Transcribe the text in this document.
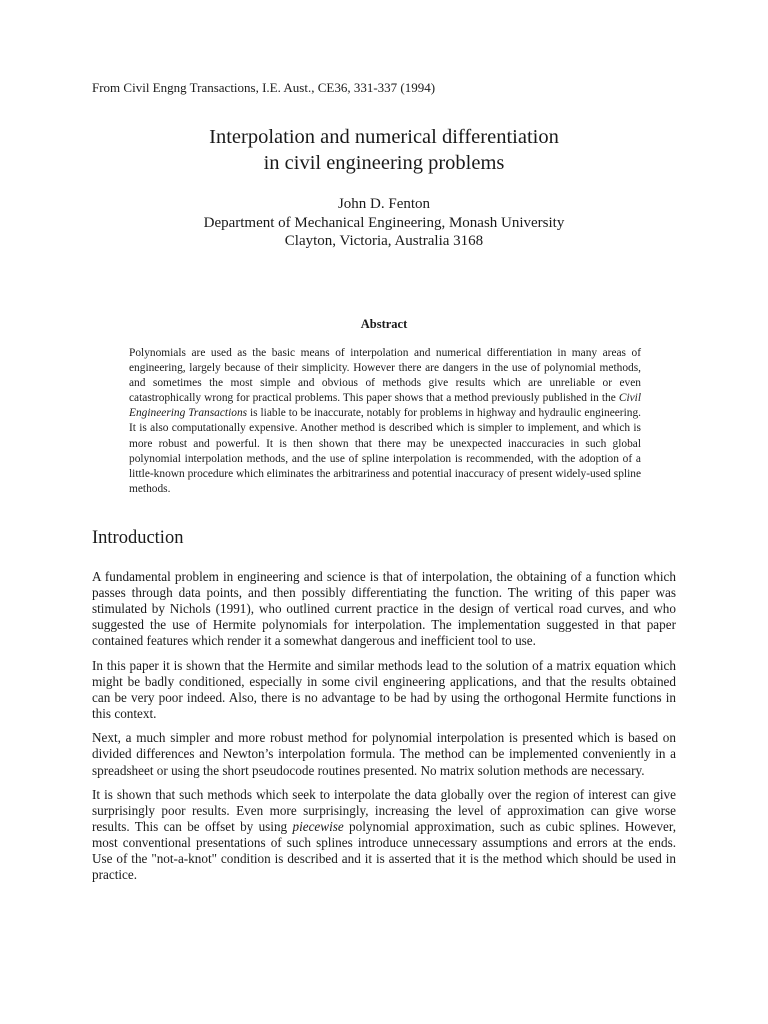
From Civil Engng Transactions, I.E. Aust., CE36, 331-337 (1994)
Interpolation and numerical differentiation
in civil engineering problems
John D. Fenton
Department of Mechanical Engineering, Monash University
Clayton, Victoria, Australia 3168
Abstract
Polynomials are used as the basic means of interpolation and numerical differentiation in many areas of engineering, largely because of their simplicity. However there are dangers in the use of polynomial methods, and sometimes the most simple and obvious of methods give results which are unreliable or even catastrophically wrong for practical problems. This paper shows that a method previously published in the Civil Engineering Transactions is liable to be inaccurate, notably for problems in highway and hydraulic engineering. It is also computationally expensive. Another method is described which is simpler to implement, and which is more robust and powerful. It is then shown that there may be unexpected inaccuracies in such global polynomial interpolation methods, and the use of spline interpolation is recommended, with the adoption of a little-known procedure which eliminates the arbitrariness and potential inaccuracy of present widely-used spline methods.
Introduction

A fundamental problem in engineering and science is that of interpolation, the obtaining of a function which passes through data points, and then possibly differentiating the function. The writing of this paper was stimulated by Nichols (1991), who outlined current practice in the design of vertical road curves, and who suggested the use of Hermite polynomials for interpolation. The implementation suggested in that paper contained features which render it a somewhat dangerous and inefficient tool to use.

In this paper it is shown that the Hermite and similar methods lead to the solution of a matrix equation which might be badly conditioned, especially in some civil engineering applications, and that the results obtained can be very poor indeed. Also, there is no advantage to be had by using the orthogonal Hermite functions in this context.

Next, a much simpler and more robust method for polynomial interpolation is presented which is based on divided differences and Newton’s interpolation formula. The method can be implemented conveniently in a spreadsheet or using the short pseudocode routines presented. No matrix solution methods are necessary.

It is shown that such methods which seek to interpolate the data globally over the region of interest can give surprisingly poor results. Even more surprisingly, increasing the level of approximation can give worse results. This can be offset by using piecewise polynomial approximation, such as cubic splines. However, most conventional presentations of such splines introduce unnecessary assumptions and errors at the ends. Use of the "not-a-knot" condition is described and it is asserted that it is the method which should be used in practice.
